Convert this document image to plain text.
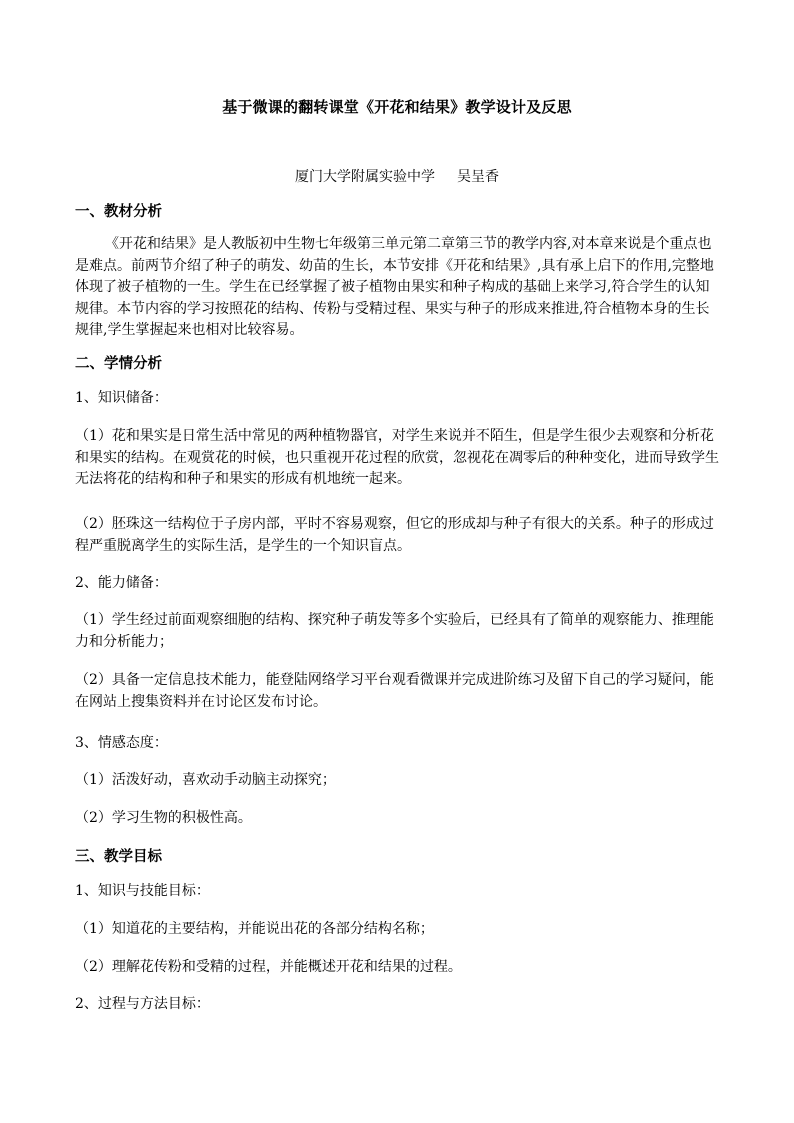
基于微课的翻转课堂《开花和结果》教学设计及反思
厦门大学附属实验中学 吴呈香
一、教材分析
《开花和结果》是人教版初中生物七年级第三单元第二章第三节的教学内容,对本章来说是个重点也是难点。前两节介绍了种子的萌发、幼苗的生长，本节安排《开花和结果》,具有承上启下的作用,完整地体现了被子植物的一生。学生在已经掌握了被子植物由果实和种子构成的基础上来学习,符合学生的认知规律。本节内容的学习按照花的结构、传粉与受精过程、果实与种子的形成来推进,符合植物本身的生长规律,学生掌握起来也相对比较容易。
二、学情分析
1、知识储备：
（1）花和果实是日常生活中常见的两种植物器官，对学生来说并不陌生，但是学生很少去观察和分析花和果实的结构。在观赏花的时候，也只重视开花过程的欣赏，忽视花在凋零后的种种变化，进而导致学生无法将花的结构和种子和果实的形成有机地统一起来。
（2）胚珠这一结构位于子房内部，平时不容易观察，但它的形成却与种子有很大的关系。种子的形成过程严重脱离学生的实际生活，是学生的一个知识盲点。
2、能力储备：
（1）学生经过前面观察细胞的结构、探究种子萌发等多个实验后，已经具有了简单的观察能力、推理能力和分析能力；
（2）具备一定信息技术能力，能登陆网络学习平台观看微课并完成进阶练习及留下自己的学习疑问，能在网站上搜集资料并在讨论区发布讨论。
3、情感态度：
（1）活泼好动，喜欢动手动脑主动探究；
（2）学习生物的积极性高。
三、教学目标
1、知识与技能目标：
（1）知道花的主要结构，并能说出花的各部分结构名称；
（2）理解花传粉和受精的过程，并能概述开花和结果的过程。
2、过程与方法目标：
